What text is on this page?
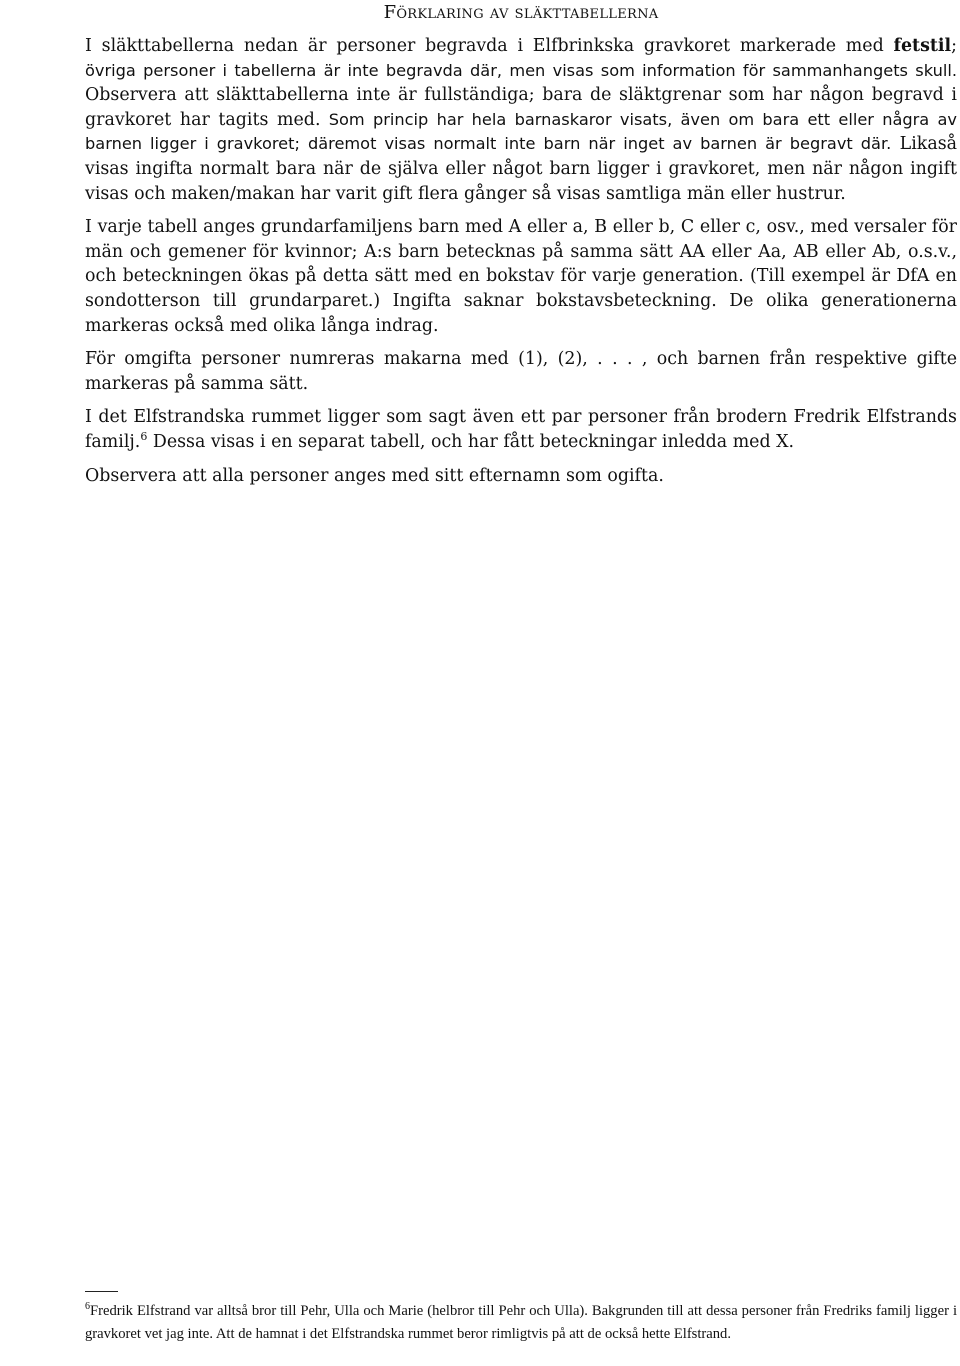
Förklaring av släkttabellerna

I släkttabellerna nedan är personer begravda i Elfbrinkska gravkoret markerade med fetstil; övriga personer i tabellerna är inte begravda där, men visas som information för sammanhangets skull. Observera att släkttabellerna inte är fullständiga; bara de släktgrenar som har någon begravd i gravkoret har tagits med. Som princip har hela barnaskaror visats, även om bara ett eller några av barnen ligger i gravkoret; däremot visas normalt inte barn när inget av barnen är begravt där. Likaså visas ingifta normalt bara när de själva eller något barn ligger i gravkoret, men när någon ingift visas och maken/makan har varit gift flera gånger så visas samtliga män eller hustrur.

I varje tabell anges grundarfamiljens barn med A eller a, B eller b, C eller c, osv., med versaler för män och gemener för kvinnor; A:s barn betecknas på samma sätt AA eller Aa, AB eller Ab, o.s.v., och beteckningen ökas på detta sätt med en bokstav för varje generation. (Till exempel är DfA en sondotterson till grundarparet.) Ingifta saknar bokstavsbeteckning. De olika generationerna markeras också med olika långa indrag.

För omgifta personer numreras makarna med (1), (2), . . . , och barnen från respektive gifte markeras på samma sätt.

I det Elfstrandska rummet ligger som sagt även ett par personer från brodern Fredrik Elfstrands familj.$^6$ Dessa visas i en separat tabell, och har fått beteckningar inledda med X.

Observera att alla personer anges med sitt efternamn som ogifta.

$^6$Fredrik Elfstrand var alltså bror till Pehr, Ulla och Marie (helbror till Pehr och Ulla). Bakgrunden till att dessa personer från Fredriks familj ligger i gravkoret vet jag inte. Att de hamnat i det Elfstrandska rummet beror rimligtvis på att de också hette Elfstrand.
